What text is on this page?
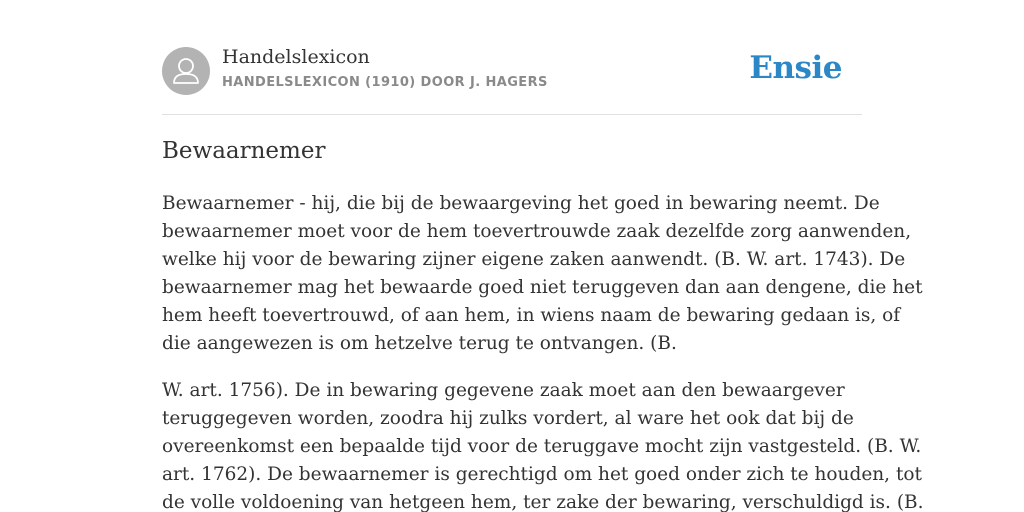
Handelslexicon
HANDELSLEXICON (1910) DOOR J. HAGERS	Ensie
Bewaarnemer

Bewaarnemer - hij, die bij de bewaargeving het goed in bewaring neemt. De
bewaarnemer moet voor de hem toevertrouwde zaak dezelfde zorg aanwenden,
welke hij voor de bewaring zijner eigene zaken aanwendt. (B. W. art. 1743). De
bewaarnemer mag het bewaarde goed niet teruggeven dan aan dengene, die het
hem heeft toevertrouwd, of aan hem, in wiens naam de bewaring gedaan is, of
die aangewezen is om hetzelve terug te ontvangen. (B.

W. art. 1756). De in bewaring gegevene zaak moet aan den bewaargever
teruggegeven worden, zoodra hij zulks vordert, al ware het ook dat bij de
overeenkomst een bepaalde tijd voor de teruggave mocht zijn vastgesteld. (B. W.
art. 1762). De bewaarnemer is gerechtigd om het goed onder zich te houden, tot
de volle voldoening van hetgeen hem, ter zake der bewaring, verschuldigd is. (B.
